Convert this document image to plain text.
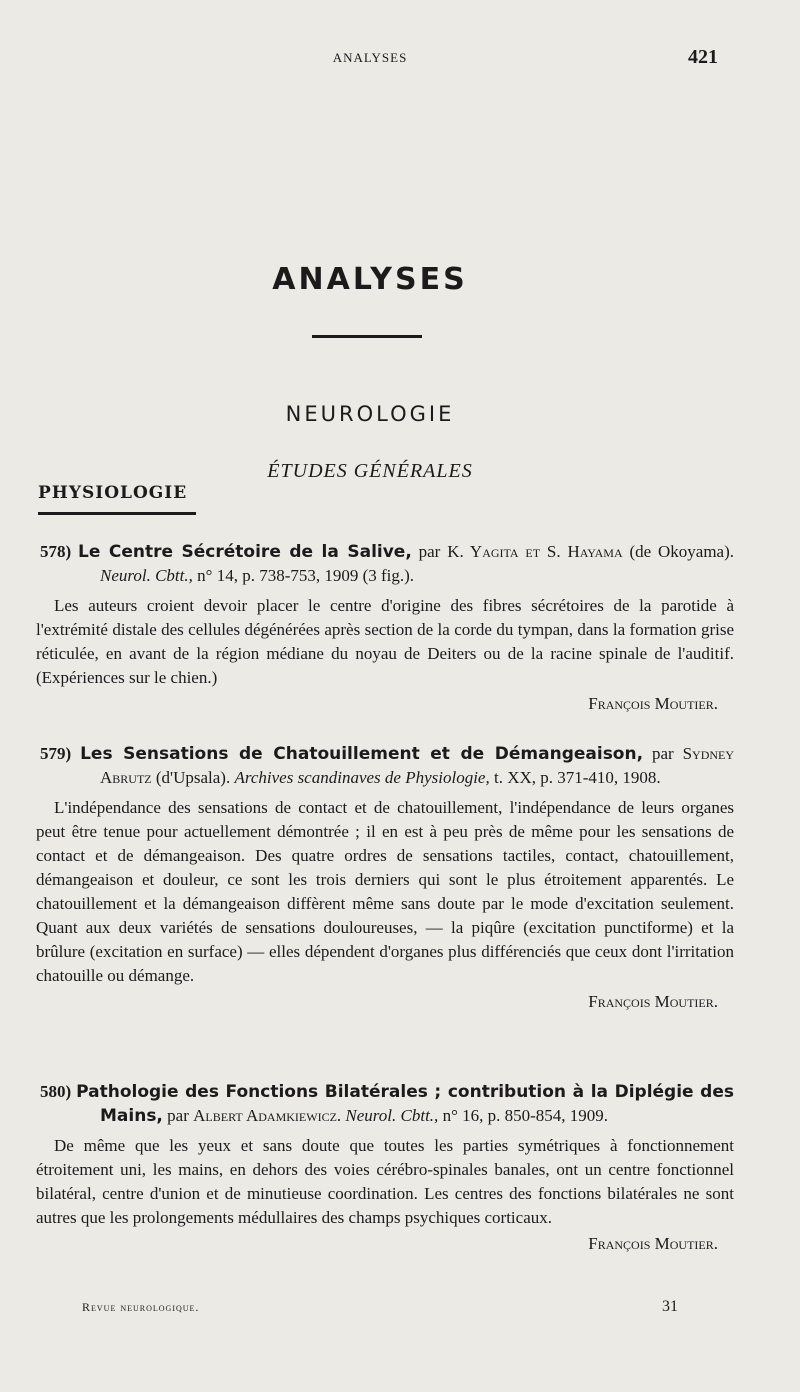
ANALYSES	421
ANALYSES
NEUROLOGIE
ÉTUDES GÉNÉRALES
PHYSIOLOGIE

578) Le Centre Sécrétoire de la Salive, par K. Yagita et S. Hayama (de Okoyama). Neurol. Cbtt., n° 14, p. 738-753, 1909 (3 fig.).

Les auteurs croient devoir placer le centre d'origine des fibres sécrétoires de la parotide à l'extrémité distale des cellules dégénérées après section de la corde du tympan, dans la formation grise réticulée, en avant de la région médiane du noyau de Deiters ou de la racine spinale de l'auditif. (Expériences sur le chien.)

François Moutier.

579) Les Sensations de Chatouillement et de Démangeaison, par Sydney Abrutz (d'Upsala). Archives scandinaves de Physiologie, t. XX, p. 371-410, 1908.

L'indépendance des sensations de contact et de chatouillement, l'indépendance de leurs organes peut être tenue pour actuellement démontrée ; il en est à peu près de même pour les sensations de contact et de démangeaison. Des quatre ordres de sensations tactiles, contact, chatouillement, démangeaison et douleur, ce sont les trois derniers qui sont le plus étroitement apparentés. Le chatouillement et la démangeaison diffèrent même sans doute par le mode d'excitation seulement. Quant aux deux variétés de sensations douloureuses, — la piqûre (excitation punctiforme) et la brûlure (excitation en surface) — elles dépendent d'organes plus différenciés que ceux dont l'irritation chatouille ou démange.

François Moutier.

580) Pathologie des Fonctions Bilatérales ; contribution à la Diplégie des Mains, par Albert Adamkiewicz. Neurol. Cbtt., n° 16, p. 850-854, 1909.

De même que les yeux et sans doute que toutes les parties symétriques à fonctionnement étroitement uni, les mains, en dehors des voies cérébro-spinales banales, ont un centre fonctionnel bilatéral, centre d'union et de minutieuse coordination. Les centres des fonctions bilatérales ne sont autres que les prolongements médullaires des champs psychiques corticaux.

François Moutier.

Revue neurologique.	31
